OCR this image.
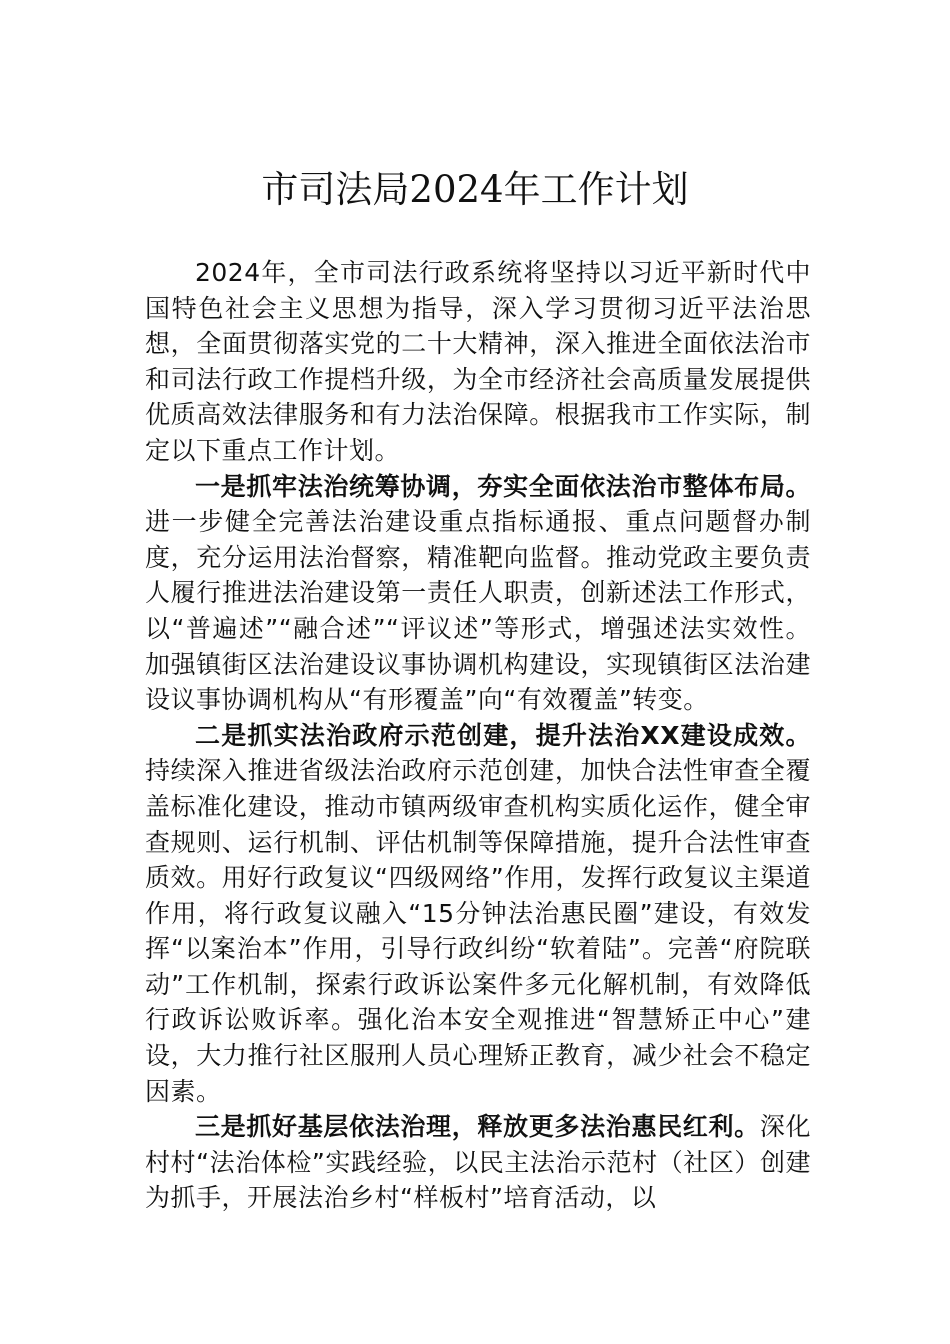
市司法局2024年工作计划

2024年，全市司法行政系统将坚持以习近平新时代中国特色社会主义思想为指导，深入学习贯彻习近平法治思想，全面贯彻落实党的二十大精神，深入推进全面依法治市和司法行政工作提档升级，为全市经济社会高质量发展提供优质高效法律服务和有力法治保障。根据我市工作实际，制定以下重点工作计划。

一是抓牢法治统筹协调，夯实全面依法治市整体布局。进一步健全完善法治建设重点指标通报、重点问题督办制度，充分运用法治督察，精准靶向监督。推动党政主要负责人履行推进法治建设第一责任人职责，创新述法工作形式，以“普遍述”“融合述”“评议述”等形式，增强述法实效性。加强镇街区法治建设议事协调机构建设，实现镇街区法治建设议事协调机构从“有形覆盖”向“有效覆盖”转变。

二是抓实法治政府示范创建，提升法治XX建设成效。持续深入推进省级法治政府示范创建，加快合法性审查全覆盖标准化建设，推动市镇两级审查机构实质化运作，健全审查规则、运行机制、评估机制等保障措施，提升合法性审查质效。用好行政复议“四级网络”作用，发挥行政复议主渠道作用，将行政复议融入“15分钟法治惠民圈”建设，有效发挥“以案治本”作用，引导行政纠纷“软着陆”。完善“府院联动”工作机制，探索行政诉讼案件多元化解机制，有效降低行政诉讼败诉率。强化治本安全观推进“智慧矫正中心”建设，大力推行社区服刑人员心理矫正教育，减少社会不稳定因素。

三是抓好基层依法治理，释放更多法治惠民红利。深化村村“法治体检”实践经验，以民主法治示范村（社区）创建为抓手，开展法治乡村“样板村”培育活动，以
